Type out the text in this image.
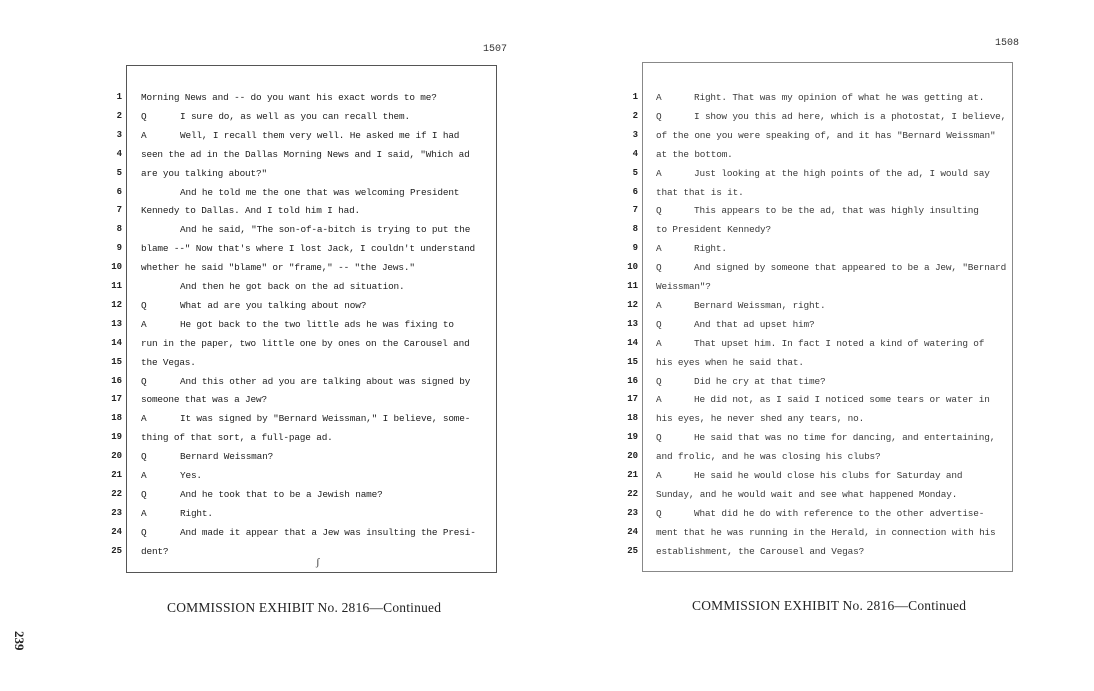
239
1507
1 Morning News and -- do you want his exact words to me?
2 Q	I sure do, as well as you can recall them.
3 A	Well, I recall them very well. He asked me if I had
4 seen the ad in the Dallas Morning News and I said, "Which ad
5 are you talking about?"
6	And he told me the one that was welcoming President
7 Kennedy to Dallas. And I told him I had.
8	And he said, "The son-of-a-bitch is trying to put the
9 blame --" Now that's where I lost Jack, I couldn't understand
10 whether he said "blame" or "frame," -- "the Jews."
11	And then he got back on the ad situation.
12 Q	What ad are you talking about now?
13 A	He got back to the two little ads he was fixing to
14 run in the paper, two little one by ones on the Carousel and
15 the Vegas.
16 Q	And this other ad you are talking about was signed by
17 someone that was a Jew?
18 A	It was signed by "Bernard Weissman," I believe, some-
19 thing of that sort, a full-page ad.
20 Q	Bernard Weissman?
21 A	Yes.
22 Q	And he took that to be a Jewish name?
23 A	Right.
24 Q	And made it appear that a Jew was insulting the Presi-
25 dent?
ʃ
COMMISSION EXHIBIT No. 2816—Continued
1508
1 A	Right. That was my opinion of what he was getting at.
2 Q	I show you this ad here, which is a photostat, I believe,
3 of the one you were speaking of, and it has "Bernard Weissman"
4 at the bottom.
5 A	Just looking at the high points of the ad, I would say
6 that that is it.
7 Q	This appears to be the ad, that was highly insulting
8 to President Kennedy?
9 A	Right.
10 Q	And signed by someone that appeared to be a Jew, "Bernard
11 Weissman"?
12 A	Bernard Weissman, right.
13 Q	And that ad upset him?
14 A	That upset him. In fact I noted a kind of watering of
15 his eyes when he said that.
16 Q	Did he cry at that time?
17 A	He did not, as I said I noticed some tears or water in
18 his eyes, he never shed any tears, no.
19 Q	He said that was no time for dancing, and entertaining,
20 and frolic, and he was closing his clubs?
21 A	He said he would close his clubs for Saturday and
22 Sunday, and he would wait and see what happened Monday.
23 Q	What did he do with reference to the other advertise-
24 ment that he was running in the Herald, in connection with his
25 establishment, the Carousel and Vegas?
COMMISSION EXHIBIT No. 2816—Continued
